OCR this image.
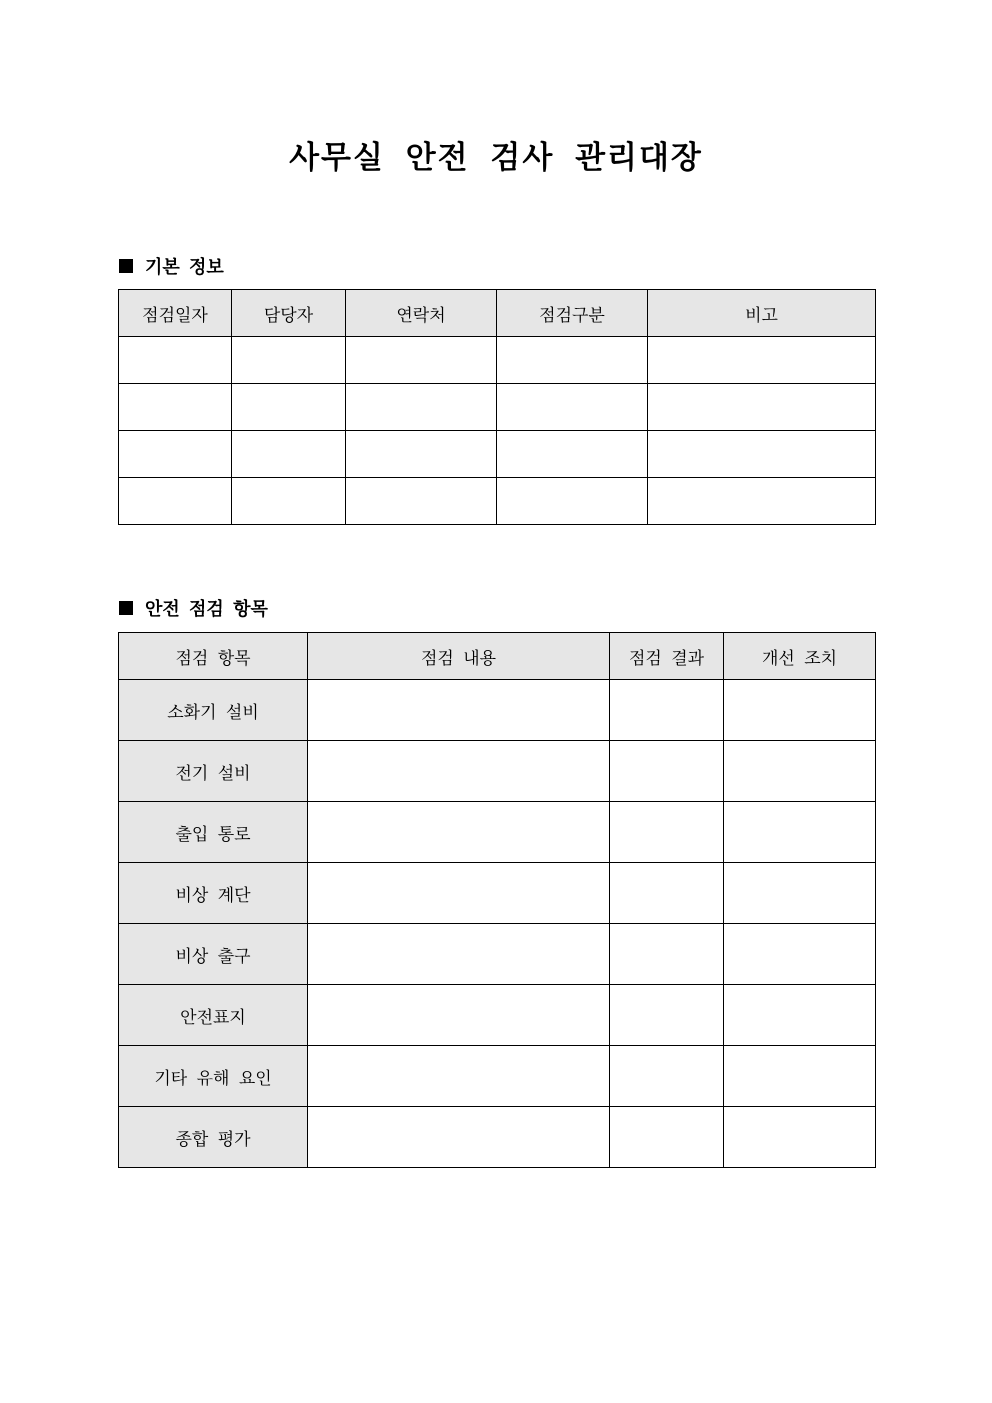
사무실 안전 검사 관리대장
기본 정보
점검일자	담당자	연락처	점검구분	비고

안전 점검 항목
점검 항목	점검 내용	점검 결과	개선 조치
소화기 설비			
전기 설비			
출입 통로			
비상 계단			
비상 출구			
안전표지			
기타 유해 요인			
종합 평가			
